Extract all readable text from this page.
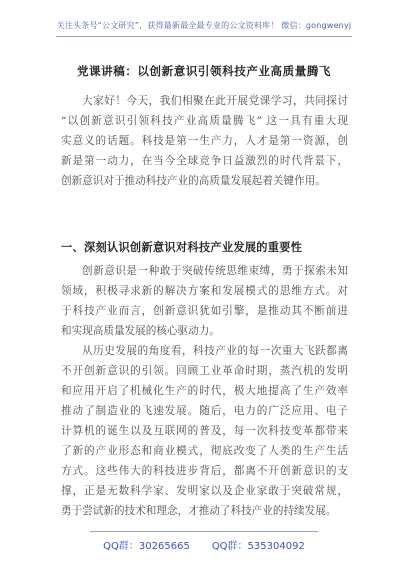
关注头条号“公文研究”，获得最新最全最专业的公文资料库！ 微信：gongwenyj
党课讲稿：以创新意识引领科技产业高质量腾飞
大家好！今天，我们相聚在此开展党课学习，共同探讨
“以创新意识引领科技产业高质量腾飞” 这一具有重大现
实意义的话题。科技是第一生产力，人才是第一资源，创
新是第一动力，在当今全球竞争日益激烈的时代背景下，
创新意识对于推动科技产业的高质量发展起着关键作用。
一、深刻认识创新意识对科技产业发展的重要性
创新意识是一种敢于突破传统思维束缚，勇于探索未知
领域，积极寻求新的解决方案和发展模式的思维方式。对
于科技产业而言，创新意识犹如引擎，是推动其不断前进
和实现高质量发展的核心驱动力。
从历史发展的角度看，科技产业的每一次重大飞跃都离
不开创新意识的引领。回顾工业革命时期，蒸汽机的发明
和应用开启了机械化生产的时代，极大地提高了生产效率
推动了制造业的飞速发展。随后，电力的广泛应用、电子
计算机的诞生以及互联网的普及，每一次科技变革都带来
了新的产业形态和商业模式，彻底改变了人类的生产生活
方式。这些伟大的科技进步背后，都离不开创新意识的支
撑，正是无数科学家、发明家以及企业家敢于突破常规，
勇于尝试新的技术和理念，才推动了科技产业的持续发展。
QQ群：30265665 QQ群：535304092
